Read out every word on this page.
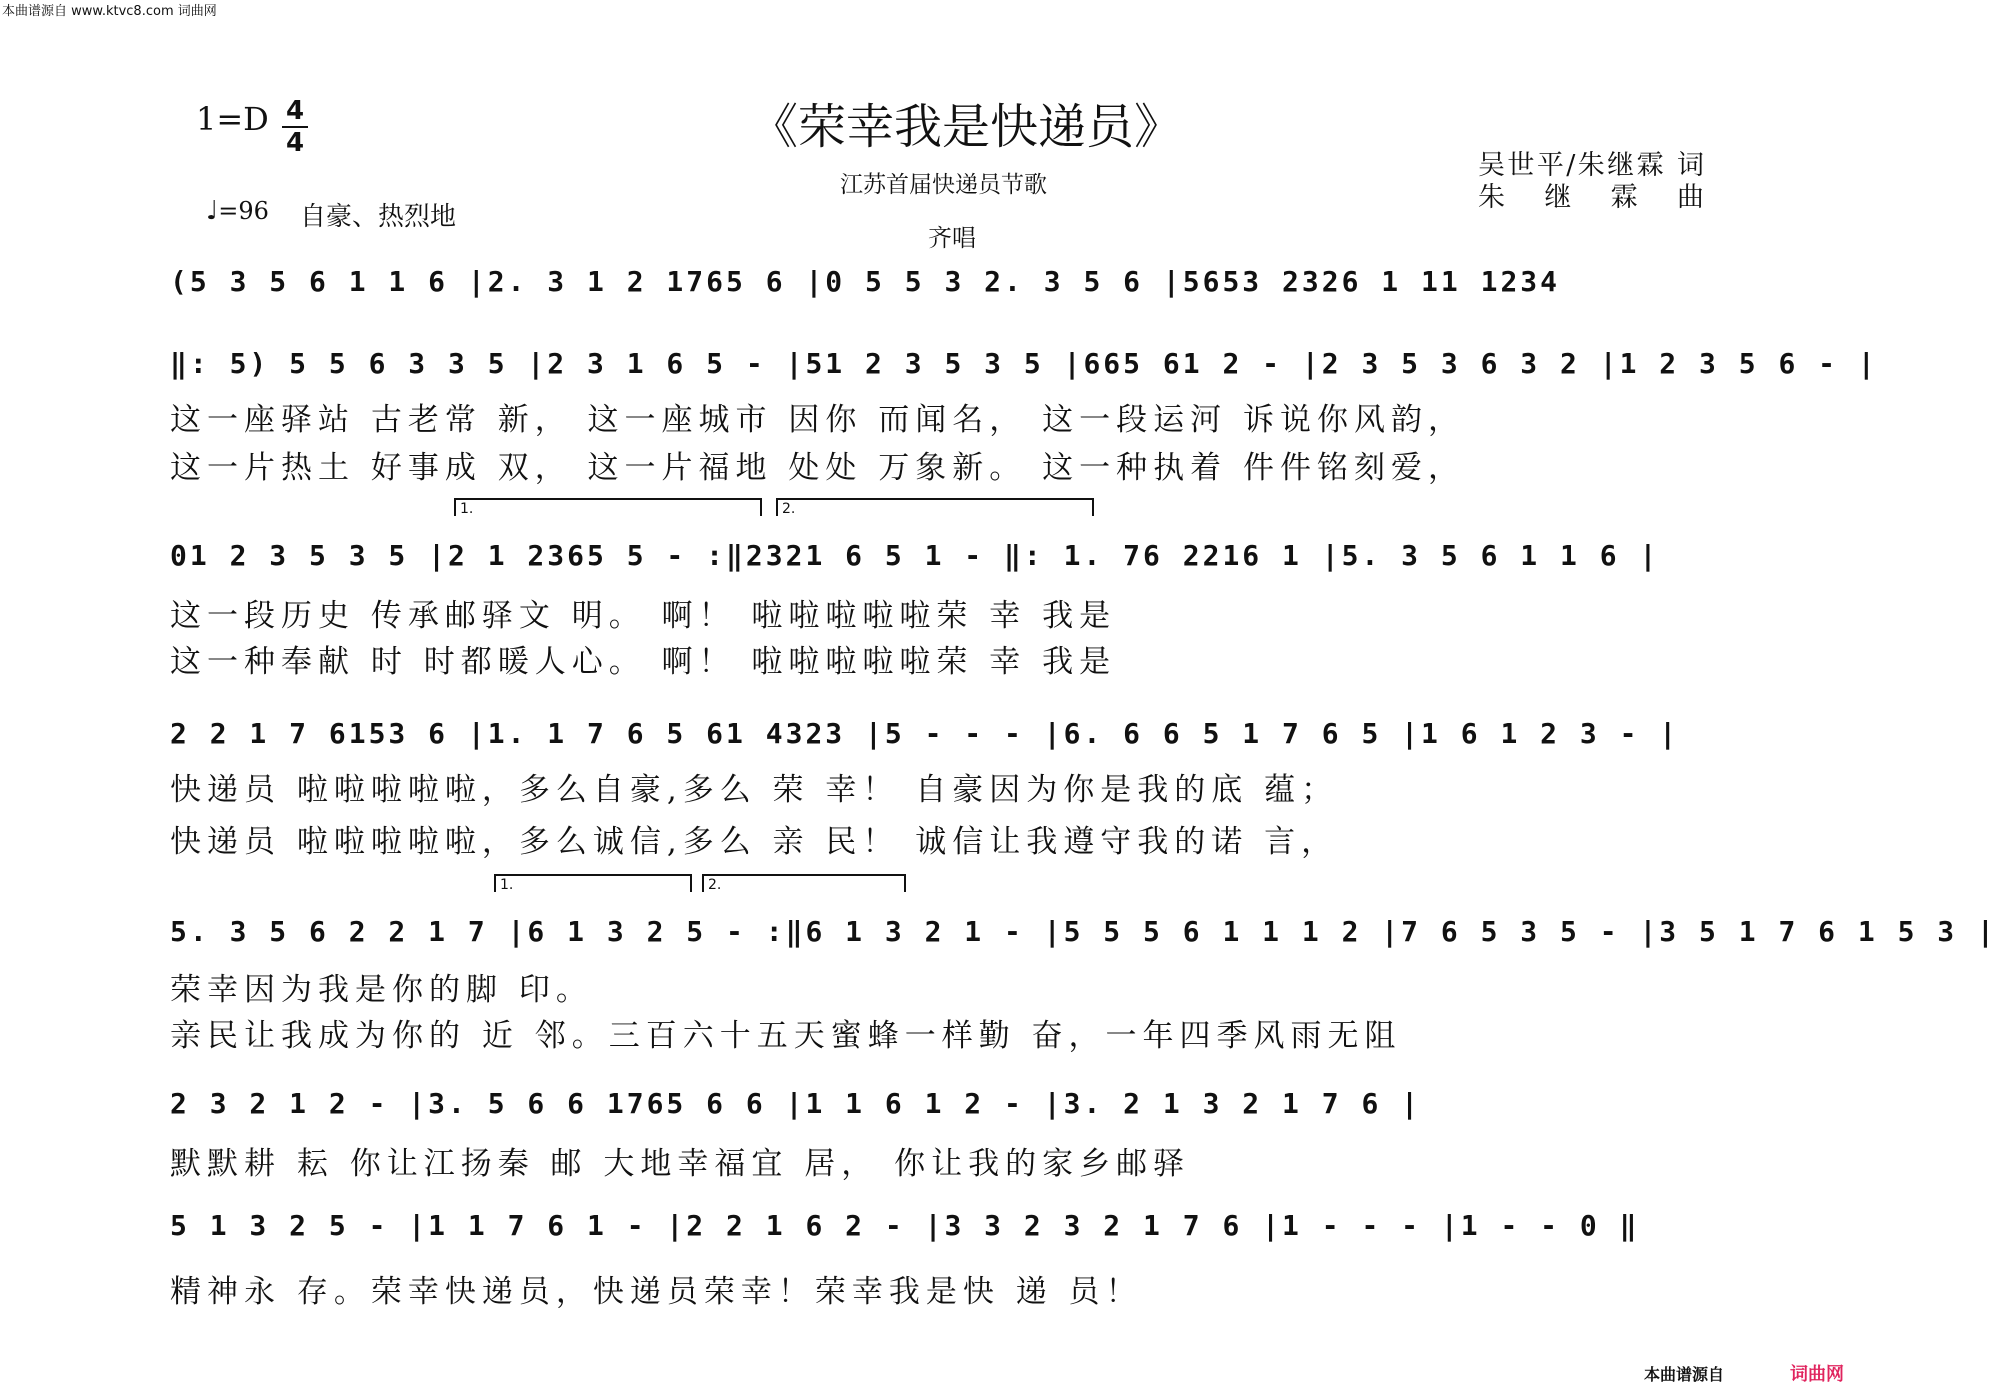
本曲谱源自 www.ktvc8.com 词曲网
1=D 4
4	《荣幸我是快递员》
江苏首届快递员节歌
吴世平/朱继霖 词
朱 继 霖 曲
♩=96 自豪、热烈地
齐唱
(5 3 5 6 1 1 6 |2. 3 1 2 1765 6 |0 5 5 3 2. 3 5 6 |5653 2326 1 11 1234
‖: 5) 5 5 6 3 3 5 |2 3 1 6 5 - |51 2 3 5 3 5 |665 61 2 - |2 3 5 3 6 3 2 |1 2 3 5 6 - |
这一座驿站 古老常 新， 这一座城市 因你 而闻名， 这一段运河 诉说你风韵，
这一片热土 好事成 双， 这一片福地 处处 万象新。 这一种执着 件件铭刻爱，
1.	2.
01 2 3 5 3 5 |2 1 2365 5 - :‖2321 6 5 1 - ‖: 1. 76 2216 1 |5. 3 5 6 1 1 6 |
这一段历史 传承邮驿文 明。 啊！ 啦啦啦啦啦荣 幸 我是
这一种奉献 时 时都暖人心。 啊！ 啦啦啦啦啦荣 幸 我是
2 2 1 7 6153 6 |1. 1 7 6 5 61 4323 |5 - - - |6. 6 6 5 1 7 6 5 |1 6 1 2 3 - |
快递员 啦啦啦啦啦，多么自豪,多么 荣 幸！ 自豪因为你是我的底 蕴；
快递员 啦啦啦啦啦，多么诚信,多么 亲 民！ 诚信让我遵守我的诺 言，
1.	2.
5. 3 5 6 2 2 1 7 |6 1 3 2 5 - :‖6 1 3 2 1 - |5 5 5 6 1 1 1 2 |7 6 5 3 5 - |3 5 1 7 6 1 5 3 |
荣幸因为我是你的脚 印。
亲民让我成为你的 近 邻。三百六十五天蜜蜂一样勤 奋，一年四季风雨无阻
2 3 2 1 2 - |3. 5 6 6 1765 6 6 |1 1 6 1 2 - |3. 2 1 3 2 1 7 6 |
默默耕 耘 你让江扬秦 邮 大地幸福宜 居， 你让我的家乡邮驿
5 1 3 2 5 - |1 1 7 6 1 - |2 2 1 6 2 - |3 3 2 3 2 1 7 6 |1 - - - |1 - - 0 ‖
精神永 存。荣幸快递员，快递员荣幸！荣幸我是快 递 员！
本曲谱源自	词曲网
